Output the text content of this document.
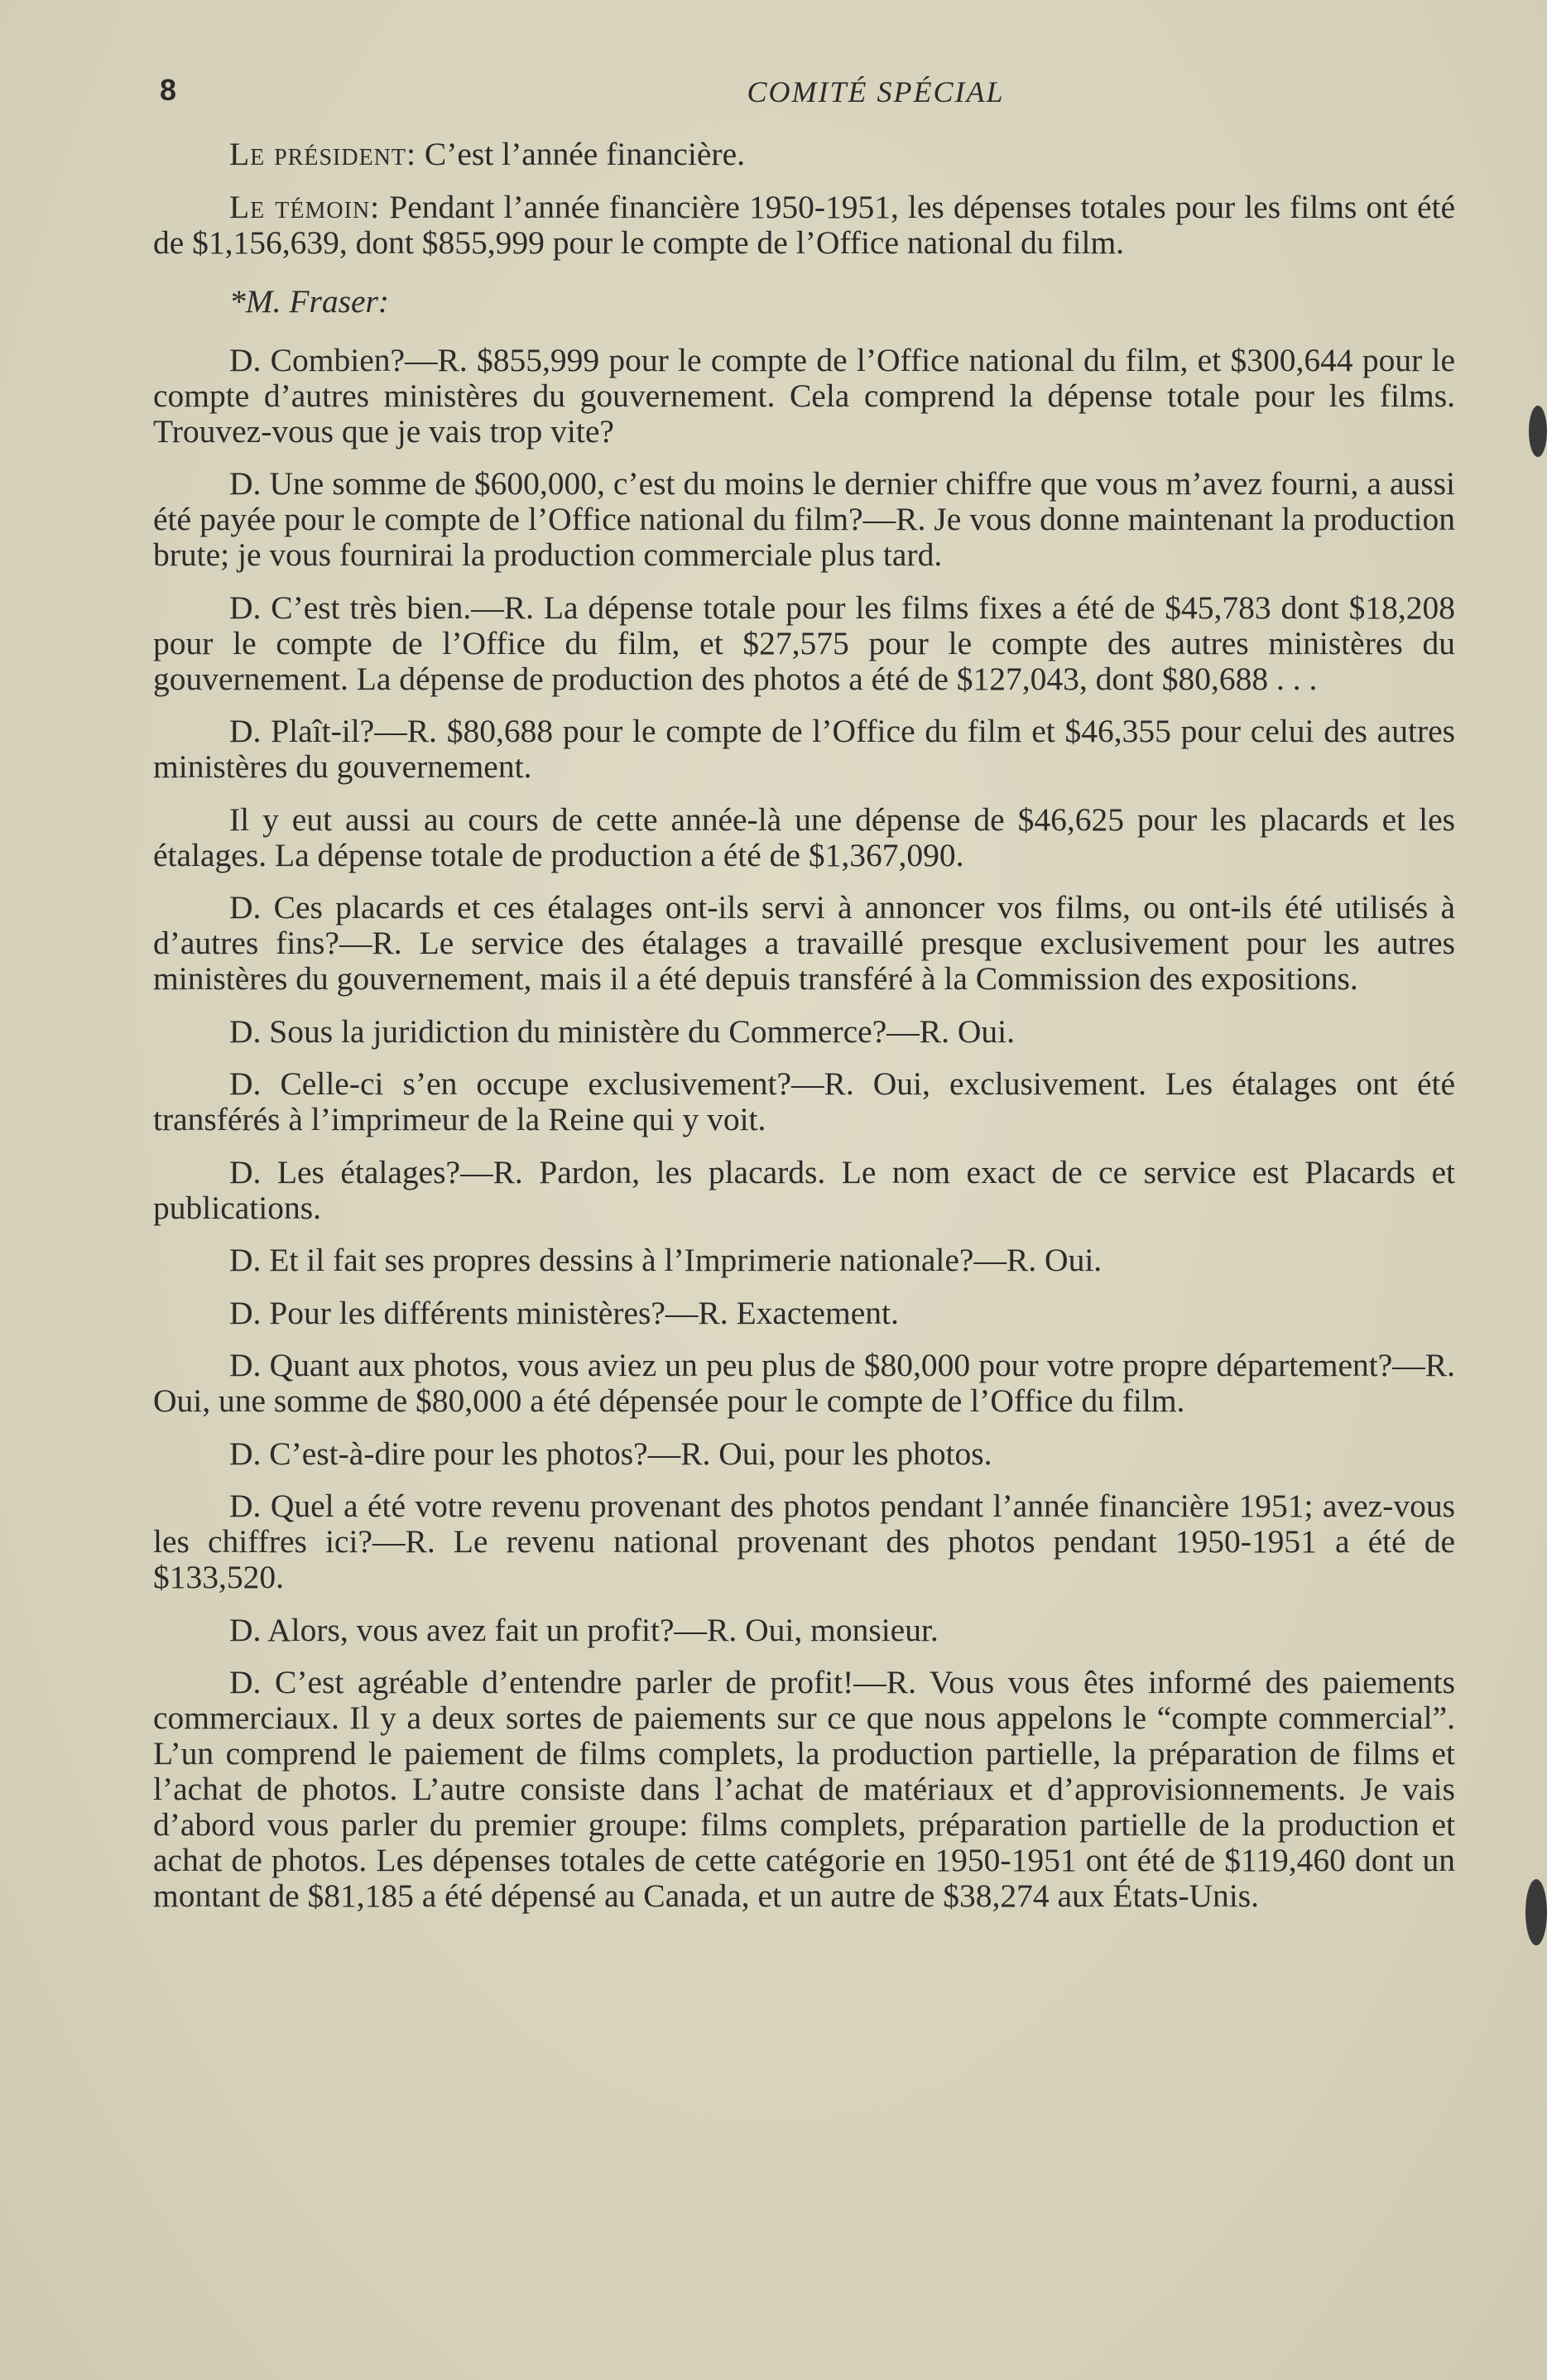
8	COMITÉ SPÉCIAL

Le président: C’est l’année financière.

Le témoin: Pendant l’année financière 1950-1951, les dépenses totales pour les films ont été de $1,156,639, dont $855,999 pour le compte de l’Office national du film.

*M. Fraser:

D. Combien?—R. $855,999 pour le compte de l’Office national du film, et $300,644 pour le compte d’autres ministères du gouvernement. Cela comprend la dépense totale pour les films. Trouvez-vous que je vais trop vite?

D. Une somme de $600,000, c’est du moins le dernier chiffre que vous m’avez fourni, a aussi été payée pour le compte de l’Office national du film?—R. Je vous donne maintenant la production brute; je vous fournirai la production commerciale plus tard.

D. C’est très bien.—R. La dépense totale pour les films fixes a été de $45,783 dont $18,208 pour le compte de l’Office du film, et $27,575 pour le compte des autres ministères du gouvernement. La dépense de production des photos a été de $127,043, dont $80,688 . . .

D. Plaît-il?—R. $80,688 pour le compte de l’Office du film et $46,355 pour celui des autres ministères du gouvernement.

Il y eut aussi au cours de cette année-là une dépense de $46,625 pour les placards et les étalages. La dépense totale de production a été de $1,367,090.

D. Ces placards et ces étalages ont-ils servi à annoncer vos films, ou ont-ils été utilisés à d’autres fins?—R. Le service des étalages a travaillé presque exclusivement pour les autres ministères du gouvernement, mais il a été depuis transféré à la Commission des expositions.

D. Sous la juridiction du ministère du Commerce?—R. Oui.

D. Celle-ci s’en occupe exclusivement?—R. Oui, exclusivement. Les étalages ont été transférés à l’imprimeur de la Reine qui y voit.

D. Les étalages?—R. Pardon, les placards. Le nom exact de ce service est Placards et publications.

D. Et il fait ses propres dessins à l’Imprimerie nationale?—R. Oui.

D. Pour les différents ministères?—R. Exactement.

D. Quant aux photos, vous aviez un peu plus de $80,000 pour votre propre département?—R. Oui, une somme de $80,000 a été dépensée pour le compte de l’Office du film.

D. C’est-à-dire pour les photos?—R. Oui, pour les photos.

D. Quel a été votre revenu provenant des photos pendant l’année financière 1951; avez-vous les chiffres ici?—R. Le revenu national provenant des photos pendant 1950-1951 a été de $133,520.

D. Alors, vous avez fait un profit?—R. Oui, monsieur.

D. C’est agréable d’entendre parler de profit!—R. Vous vous êtes informé des paiements commerciaux. Il y a deux sortes de paiements sur ce que nous appelons le “compte commercial”. L’un comprend le paiement de films complets, la production partielle, la préparation de films et l’achat de photos. L’autre consiste dans l’achat de matériaux et d’approvisionnements. Je vais d’abord vous parler du premier groupe: films complets, préparation partielle de la production et achat de photos. Les dépenses totales de cette catégorie en 1950-1951 ont été de $119,460 dont un montant de $81,185 a été dépensé au Canada, et un autre de $38,274 aux États-Unis.
